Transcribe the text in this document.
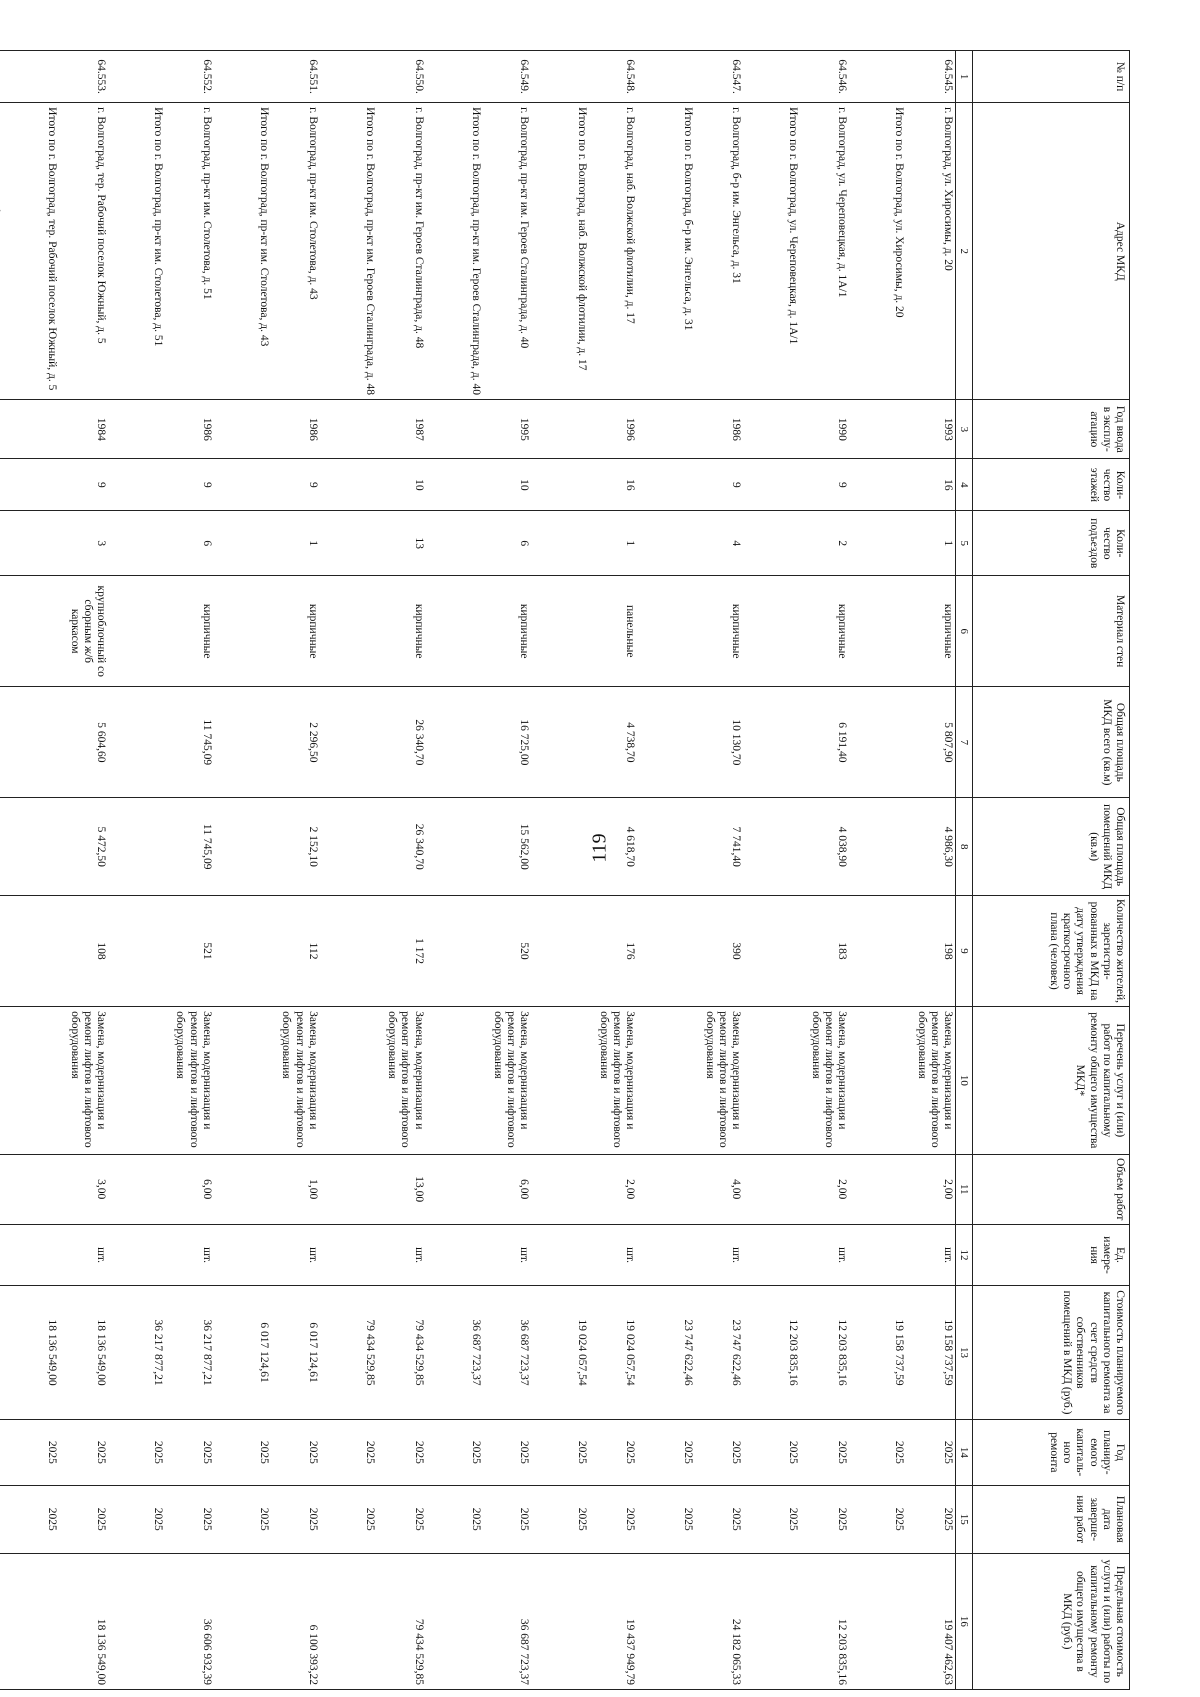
119
№ п/п	Адрес МКД	Год ввода в эксплу-атацию	Коли-чество этажей	Коли-чество подъездов	Материал стен	Общая площадь МКД всего (кв.м)	Общая площадь помещений МКД (кв.м)	Количество жителей, зарегистри-рованных в МКД на дату утверждения краткосрочного плана (человек)	Перечень услуг и (или) работ по капитальному ремонту общего имущества МКД*	Объем работ	Ед. измере-ния	Стоимость планируемого капитального ремонта за счет средств собственников помещений в МКД (руб.)	Год планиру-емого капиталь-ного ремонта	Плановая дата заверше-ния работ	Предельная стоимость услуги и (или) работы по капитальному ремонту общего имущества в МКД (руб.)
1	2	3	4	5	6	7	8	9	10	11	12	13	14	15	16
64.545.	г. Волгоград, ул. Хиросимы, д. 20	1993	16	1	кирпичные	5 807,90	4 986,30	198	Замена, модернизация и ремонт лифтов и лифтового оборудования	2,00	шт.	19 158 737,59	2025	2025	19 407 462,63
	Итого по г. Волгоград, ул. Хиросимы, д. 20											19 158 737,59	2025	2025	

64.546.	г. Волгоград, ул. Череповецкая, д. 1А/1	1990	9	2	кирпичные	6 191,40	4 038,90	183	Замена, модернизация и ремонт лифтов и лифтового оборудования	2,00	шт.	12 203 835,16	2025	2025	12 203 835,16
	Итого по г. Волгоград, ул. Череповецкая, д. 1А/1											12 203 835,16	2025	2025	

64.547.	г. Волгоград, б-р им. Энгельса, д. 31	1986	9	4	кирпичные	10 130,70	7 741,40	390	Замена, модернизация и ремонт лифтов и лифтового оборудования	4,00	шт.	23 747 622,46	2025	2025	24 182 065,33
	Итого по г. Волгоград, б-р им. Энгельса, д. 31											23 747 622,46	2025	2025	

64.548.	г. Волгоград, наб. Волжской флотилии, д. 17	1996	16	1	панельные	4 738,70	4 618,70	176	Замена, модернизация и ремонт лифтов и лифтового оборудования	2,00	шт.	19 024 057,54	2025	2025	19 437 949,79
	Итого по г. Волгоград, наб. Волжской флотилии, д. 17											19 024 057,54	2025	2025	

64.549.	г. Волгоград, пр-кт им. Героев Сталинграда, д. 40	1995	10	6	кирпичные	16 725,00	15 562,00	520	Замена, модернизация и ремонт лифтов и лифтового оборудования	6,00	шт.	36 687 723,37	2025	2025	36 687 723,37
	Итого по г. Волгоград, пр-кт им. Героев Сталинграда, д. 40											36 687 723,37	2025	2025	

64.550.	г. Волгоград, пр-кт им. Героев Сталинграда, д. 48	1987	10	13	кирпичные	26 340,70	26 340,70	1 172	Замена, модернизация и ремонт лифтов и лифтового оборудования	13,00	шт.	79 434 529,85	2025	2025	79 434 529,85
	Итого по г. Волгоград, пр-кт им. Героев Сталинграда, д. 48											79 434 529,85	2025	2025	

64.551.	г. Волгоград, пр-кт им. Столетова, д. 43	1986	9	1	кирпичные	2 296,50	2 152,10	112	Замена, модернизация и ремонт лифтов и лифтового оборудования	1,00	шт.	6 017 124,61	2025	2025	6 100 393,22
	Итого по г. Волгоград, пр-кт им. Столетова, д. 43											6 017 124,61	2025	2025	

64.552.	г. Волгоград, пр-кт им. Столетова, д. 51	1986	9	6	кирпичные	11 745,09	11 745,09	521	Замена, модернизация и ремонт лифтов и лифтового оборудования	6,00	шт.	36 217 877,21	2025	2025	36 606 932,39
	Итого по г. Волгоград, пр-кт им. Столетова, д. 51											36 217 877,21	2025	2025	

64.553.	г. Волгоград, тер. Рабочий поселок Южный, д. 5	1984	9	3	крупноблочный со сборным ж/б каркасом	5 604,60	5 472,50	108	Замена, модернизация и ремонт лифтов и лифтового оборудования	3,00	шт.	18 136 549,00	2025	2025	18 136 549,00
	Итого по г. Волгоград, тер. Рабочий поселок Южный, д. 5											18 136 549,00	2025	2025	
